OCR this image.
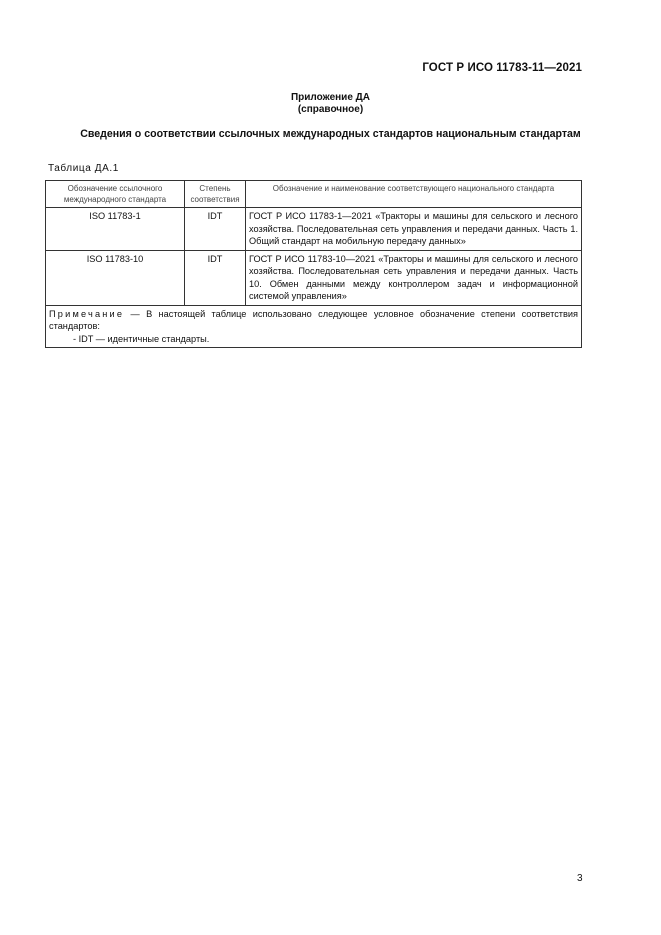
ГОСТ Р ИСО 11783-11—2021
Приложение ДА
(справочное)
Сведения о соответствии ссылочных международных стандартов национальным стандартам
Таблица ДА.1
Обозначение ссылочного международного стандарта	Степень соответствия	Обозначение и наименование соответствующего национального стандарта
ISO 11783-1	IDT	ГОСТ Р ИСО 11783-1—2021 «Тракторы и машины для сельского и лесного хозяйства. Последовательная сеть управления и передачи данных. Часть 1. Общий стандарт на мобильную передачу данных»
ISO 11783-10	IDT	ГОСТ Р ИСО 11783-10—2021 «Тракторы и машины для сельского и лесного хозяйства. Последовательная сеть управления и передачи данных. Часть 10. Обмен данными между контроллером задач и информационной системой управления»
Примечание — В настоящей таблице использовано следующее условное обозначение степени соответствия стандартов:
- IDT — идентичные стандарты.		
3
